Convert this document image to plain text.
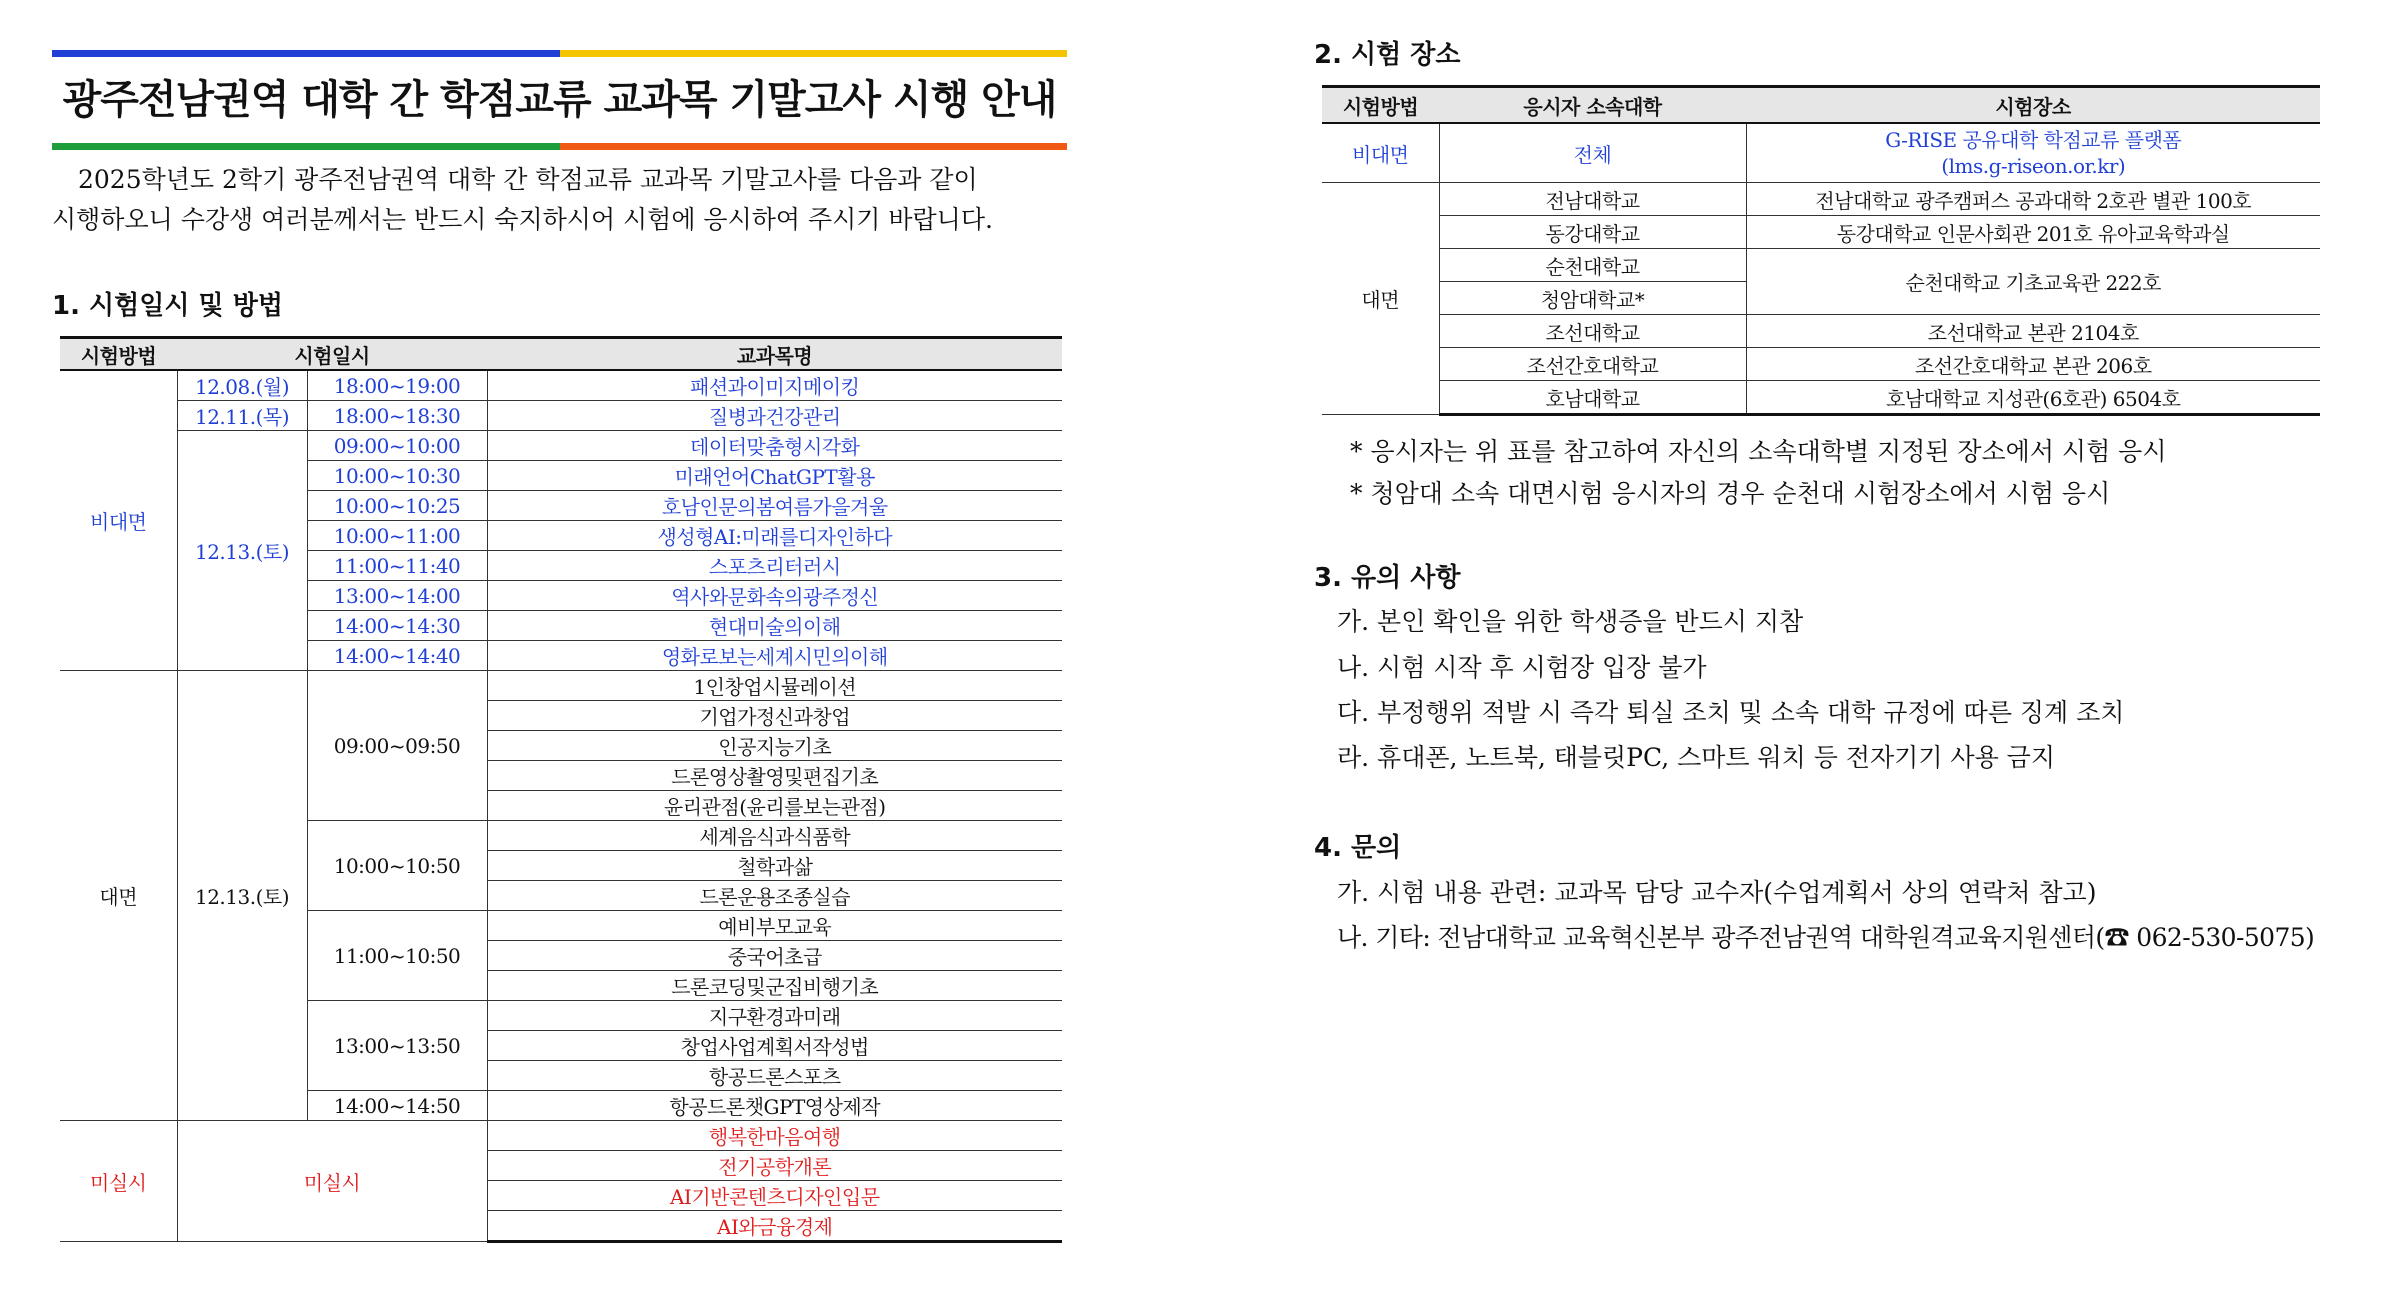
광주전남권역 대학 간 학점교류 교과목 기말고사 시행 안내

2025학년도 2학기 광주전남권역 대학 간 학점교류 교과목 기말고사를 다음과 같이

시행하오니 수강생 여러분께서는 반드시 숙지하시어 시험에 응시하여 주시기 바랍니다.

1. 시험일시 및 방법
시험방법	시험일시		교과목명
비대면	12.08.(월)	18:00~19:00	패션과이미지메이킹
	12.11.(목)	18:00~18:30	질병과건강관리
	12.13.(토)	09:00~10:00	데이터맞춤형시각화
		10:00~10:30	미래언어ChatGPT활용
		10:00~10:25	호남인문의봄여름가을겨울
		10:00~11:00	생성형AI:미래를디자인하다
		11:00~11:40	스포츠리터러시
		13:00~14:00	역사와문화속의광주정신
		14:00~14:30	현대미술의이해
		14:00~14:40	영화로보는세계시민의이해
대면	12.13.(토)	09:00~09:50	1인창업시뮬레이션
			기업가정신과창업
			인공지능기초
			드론영상촬영및편집기초
			윤리관점(윤리를보는관점)
		10:00~10:50	세계음식과식품학
			철학과삶
			드론운용조종실습
		11:00~10:50	예비부모교육
			중국어초급
			드론코딩및군집비행기초
		13:00~13:50	지구환경과미래
			창업사업계획서작성법
			항공드론스포츠
		14:00~14:50	항공드론챗GPT영상제작
미실시	미실시		행복한마음여행
			전기공학개론
			AI기반콘텐츠디자인입문
			AI와금융경제
2. 시험 장소
시험방법	응시자 소속대학	시험장소
비대면	전체	G-RISE 공유대학 학점교류 플랫폼
(lms.g-riseon.or.kr)

대면	전남대학교	전남대학교 광주캠퍼스 공과대학 2호관 별관 100호
	동강대학교	동강대학교 인문사회관 201호 유아교육학과실
	순천대학교	순천대학교 기초교육관 222호
	청암대학교*	
	조선대학교	조선대학교 본관 2104호
	조선간호대학교	조선간호대학교 본관 206호
	호남대학교	호남대학교 지성관(6호관) 6504호
* 응시자는 위 표를 참고하여 자신의 소속대학별 지정된 장소에서 시험 응시
* 청암대 소속 대면시험 응시자의 경우 순천대 시험장소에서 시험 응시
3. 유의 사항
가. 본인 확인을 위한 학생증을 반드시 지참
나. 시험 시작 후 시험장 입장 불가
다. 부정행위 적발 시 즉각 퇴실 조치 및 소속 대학 규정에 따른 징계 조치
라. 휴대폰, 노트북, 태블릿PC, 스마트 워치 등 전자기기 사용 금지
4. 문의
가. 시험 내용 관련: 교과목 담당 교수자(수업계획서 상의 연락처 참고)
나. 기타: 전남대학교 교육혁신본부 광주전남권역 대학원격교육지원센터(☎ 062-530-5075)
